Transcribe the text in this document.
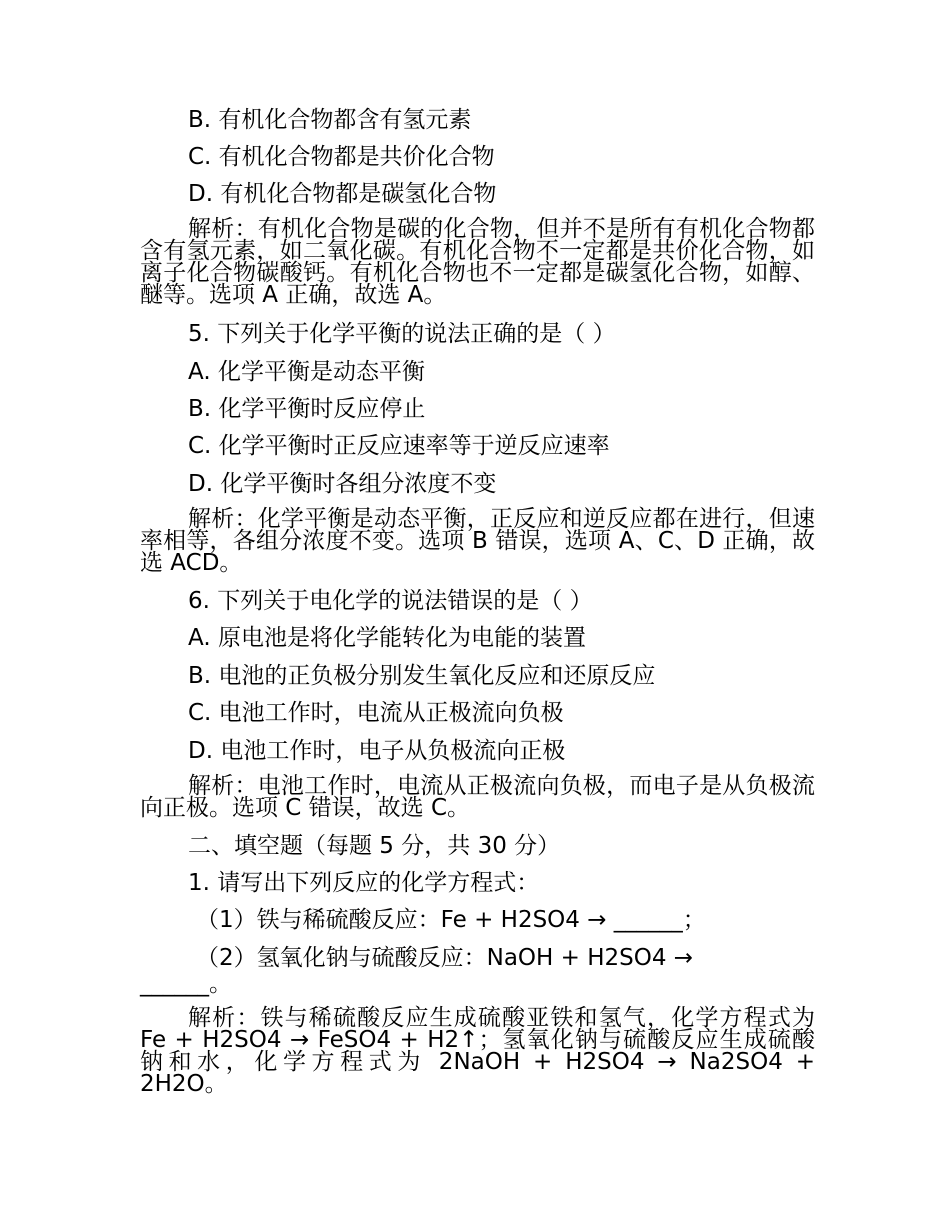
B. 有机化合物都含有氢元素

C. 有机化合物都是共价化合物

D. 有机化合物都是碳氢化合物

解析：有机化合物是碳的化合物，但并不是所有有机化合物都含有氢元素，如二氧化碳。有机化合物不一定都是共价化合物，如离子化合物碳酸钙。有机化合物也不一定都是碳氢化合物，如醇、醚等。选项 A 正确，故选 A。

5. 下列关于化学平衡的说法正确的是（ ）

A. 化学平衡是动态平衡

B. 化学平衡时反应停止

C. 化学平衡时正反应速率等于逆反应速率

D. 化学平衡时各组分浓度不变

解析：化学平衡是动态平衡，正反应和逆反应都在进行，但速率相等，各组分浓度不变。选项 B 错误，选项 A、C、D 正确，故选 ACD。

6. 下列关于电化学的说法错误的是（ ）

A. 原电池是将化学能转化为电能的装置

B. 电池的正负极分别发生氧化反应和还原反应

C. 电池工作时，电流从正极流向负极

D. 电池工作时，电子从负极流向正极

解析：电池工作时，电流从正极流向负极，而电子是从负极流向正极。选项 C 错误，故选 C。

二、填空题（每题 5 分，共 30 分）

1. 请写出下列反应的化学方程式：

（1）铁与稀硫酸反应：Fe + H2SO4 → ______；

（2）氢氧化钠与硫酸反应：NaOH + H2SO4 →

______。

解析：铁与稀硫酸反应生成硫酸亚铁和氢气，化学方程式为 Fe + H2SO4 → FeSO4 + H2↑；氢氧化钠与硫酸反应生成硫酸钠和水，化学方程式为 2NaOH + H2SO4 → Na2SO4 + 2H2O。
